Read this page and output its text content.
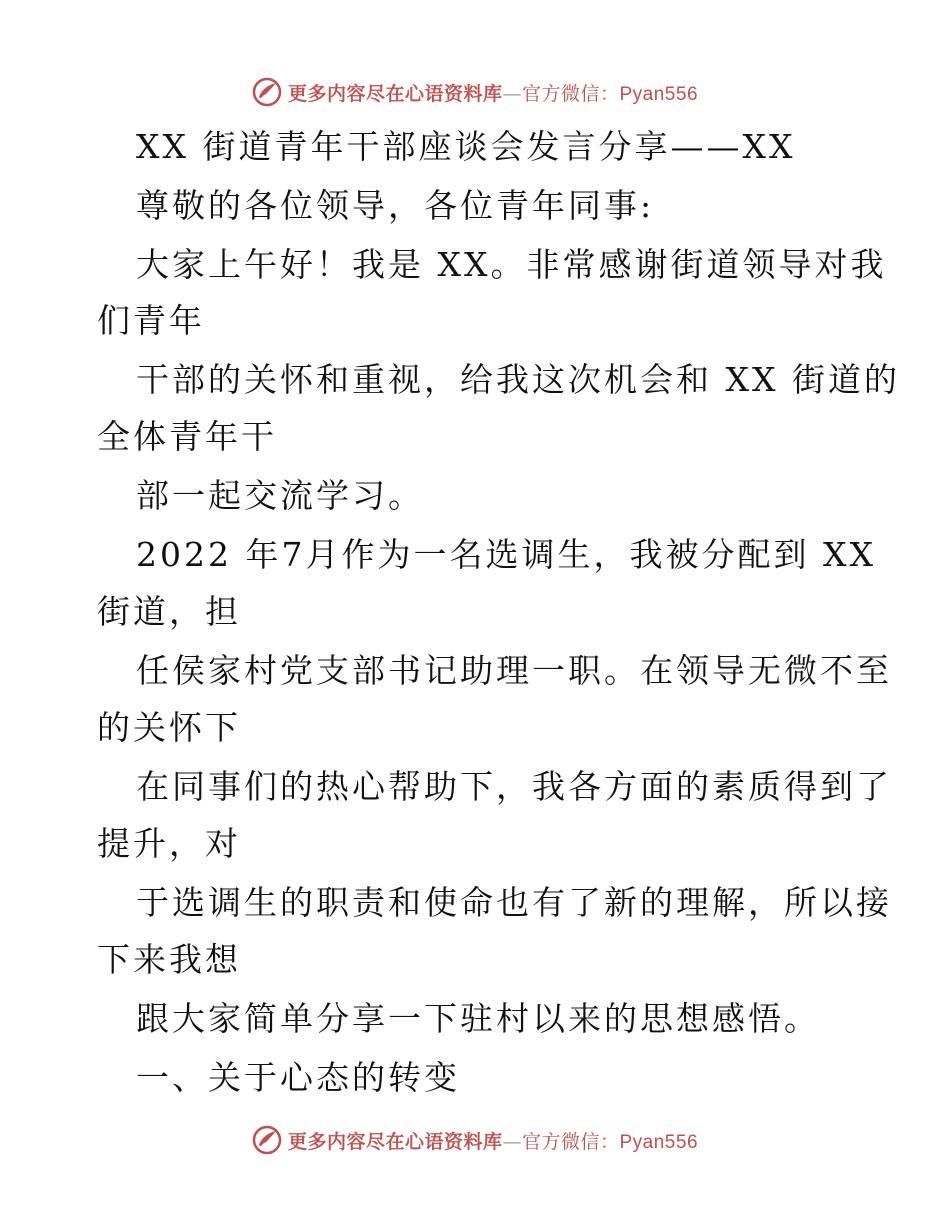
更多内容尽在心语资料库—官方微信：Pyan556
XX 街道青年干部座谈会发言分享——XX
尊敬的各位领导，各位青年同事:
大家上午好！我是 XX。非常感谢街道领导对我
们青年
干部的关怀和重视，给我这次机会和 XX 街道的
全体青年干
部一起交流学习。
2022 年7月作为一名选调生，我被分配到 XX
街道，担
任侯家村党支部书记助理一职。在领导无微不至
的关怀下
在同事们的热心帮助下，我各方面的素质得到了
提升，对
于选调生的职责和使命也有了新的理解，所以接
下来我想
跟大家简单分享一下驻村以来的思想感悟。
一、关于心态的转变
更多内容尽在心语资料库—官方微信：Pyan556
